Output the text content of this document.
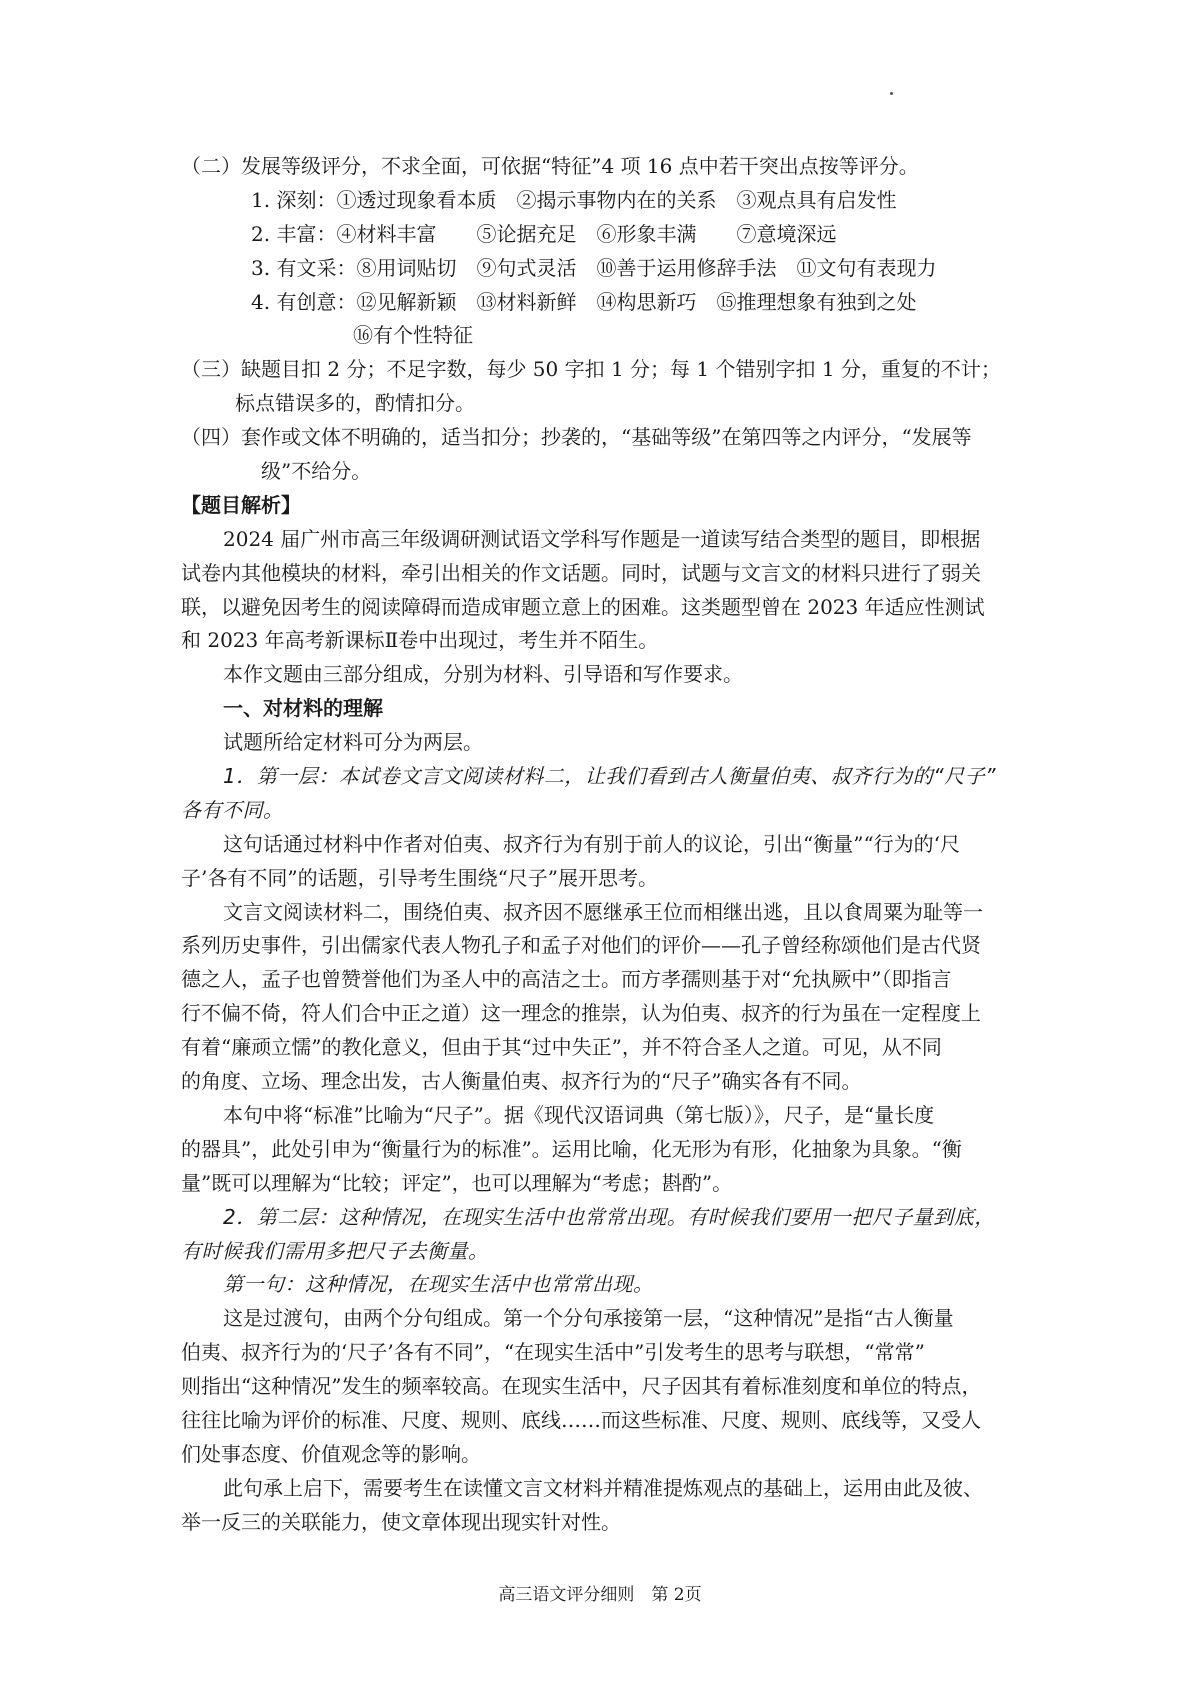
（二）发展等级评分，不求全面，可依据“特征”4 项 16 点中若干突出点按等评分。
1. 深刻：①透过现象看本质　②揭示事物内在的关系　③观点具有启发性
2. 丰富：④材料丰富　　⑤论据充足　⑥形象丰满　　⑦意境深远
3. 有文采：⑧用词贴切　⑨句式灵活　⑩善于运用修辞手法　⑪文句有表现力
4. 有创意：⑫见解新颖　⑬材料新鲜　⑭构思新巧　⑮推理想象有独到之处
⑯有个性特征
（三）缺题目扣 2 分；不足字数，每少 50 字扣 1 分；每 1 个错别字扣 1 分，重复的不计；
标点错误多的，酌情扣分。
（四）套作或文体不明确的，适当扣分；抄袭的，“基础等级”在第四等之内评分，“发展等
级”不给分。
【题目解析】
2024 届广州市高三年级调研测试语文学科写作题是一道读写结合类型的题目，即根据
试卷内其他模块的材料，牵引出相关的作文话题。同时，试题与文言文的材料只进行了弱关
联，以避免因考生的阅读障碍而造成审题立意上的困难。这类题型曾在 2023 年适应性测试
和 2023 年高考新课标Ⅱ卷中出现过，考生并不陌生。
本作文题由三部分组成，分别为材料、引导语和写作要求。
一、对材料的理解
试题所给定材料可分为两层。
1．第一层：本试卷文言文阅读材料二，让我们看到古人衡量伯夷、叔齐行为的“尺子”
各有不同。
这句话通过材料中作者对伯夷、叔齐行为有别于前人的议论，引出“衡量”“行为的‘尺
子’各有不同”的话题，引导考生围绕“尺子”展开思考。
文言文阅读材料二，围绕伯夷、叔齐因不愿继承王位而相继出逃，且以食周粟为耻等一
系列历史事件，引出儒家代表人物孔子和孟子对他们的评价——孔子曾经称颂他们是古代贤
德之人，孟子也曾赞誉他们为圣人中的高洁之士。而方孝孺则基于对“允执厥中”（即指言
行不偏不倚，符人们合中正之道）这一理念的推崇，认为伯夷、叔齐的行为虽在一定程度上
有着“廉顽立懦”的教化意义，但由于其“过中失正”，并不符合圣人之道。可见，从不同
的角度、立场、理念出发，古人衡量伯夷、叔齐行为的“尺子”确实各有不同。
本句中将“标准”比喻为“尺子”。据《现代汉语词典（第七版）》，尺子，是“量长度
的器具”，此处引申为“衡量行为的标准”。运用比喻，化无形为有形，化抽象为具象。“衡
量”既可以理解为“比较；评定”，也可以理解为“考虑；斟酌”。
2．第二层：这种情况，在现实生活中也常常出现。有时候我们要用一把尺子量到底，
有时候我们需用多把尺子去衡量。
第一句：这种情况，在现实生活中也常常出现。
这是过渡句，由两个分句组成。第一个分句承接第一层，“这种情况”是指“古人衡量
伯夷、叔齐行为的‘尺子’各有不同”，“在现实生活中”引发考生的思考与联想，“常常”
则指出“这种情况”发生的频率较高。在现实生活中，尺子因其有着标准刻度和单位的特点，
往往比喻为评价的标准、尺度、规则、底线……而这些标准、尺度、规则、底线等，又受人
们处事态度、价值观念等的影响。
此句承上启下，需要考生在读懂文言文材料并精准提炼观点的基础上，运用由此及彼、
举一反三的关联能力，使文章体现出现实针对性。
高三语文评分细则　第 2页
